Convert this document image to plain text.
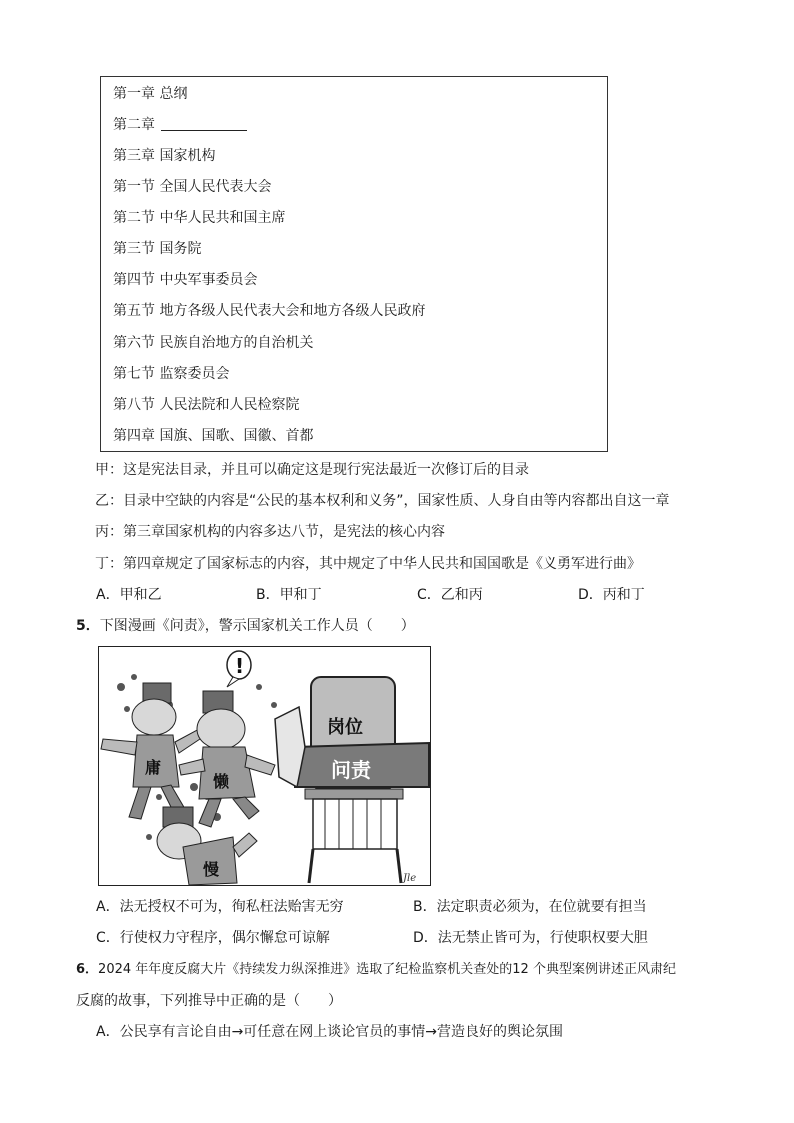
第一章 总纲
第二章
第三章 国家机构
第一节 全国人民代表大会
第二节 中华人民共和国主席
第三节 国务院
第四节 中央军事委员会
第五节 地方各级人民代表大会和地方各级人民政府
第六节 民族自治地方的自治机关
第七节 监察委员会
第八节 人民法院和人民检察院
第四章 国旗、国歌、国徽、首都
甲：这是宪法目录，并且可以确定这是现行宪法最近一次修订后的目录
乙：目录中空缺的内容是“公民的基本权利和义务”，国家性质、人身自由等内容都出自这一章
丙：第三章国家机构的内容多达八节，是宪法的核心内容
丁：第四章规定了国家标志的内容，其中规定了中华人民共和国国歌是《义勇军进行曲》
A．甲和乙	B．甲和丁	C．乙和丙	D．丙和丁
5．下图漫画《问责》，警示国家机关工作人员（　　）
庸
懒
慢
岗位
问责
!
Jle
A．法无授权不可为，徇私枉法贻害无穷	B．法定职责必须为，在位就要有担当
C．行使权力守程序，偶尔懈怠可谅解	D．法无禁止皆可为，行使职权要大胆
6．2024 年年度反腐大片《持续发力纵深推进》选取了纪检监察机关查处的12 个典型案例讲述正风肃纪
反腐的故事，下列推导中正确的是（　　）
A．公民享有言论自由→可任意在网上谈论官员的事情→营造良好的舆论氛围
